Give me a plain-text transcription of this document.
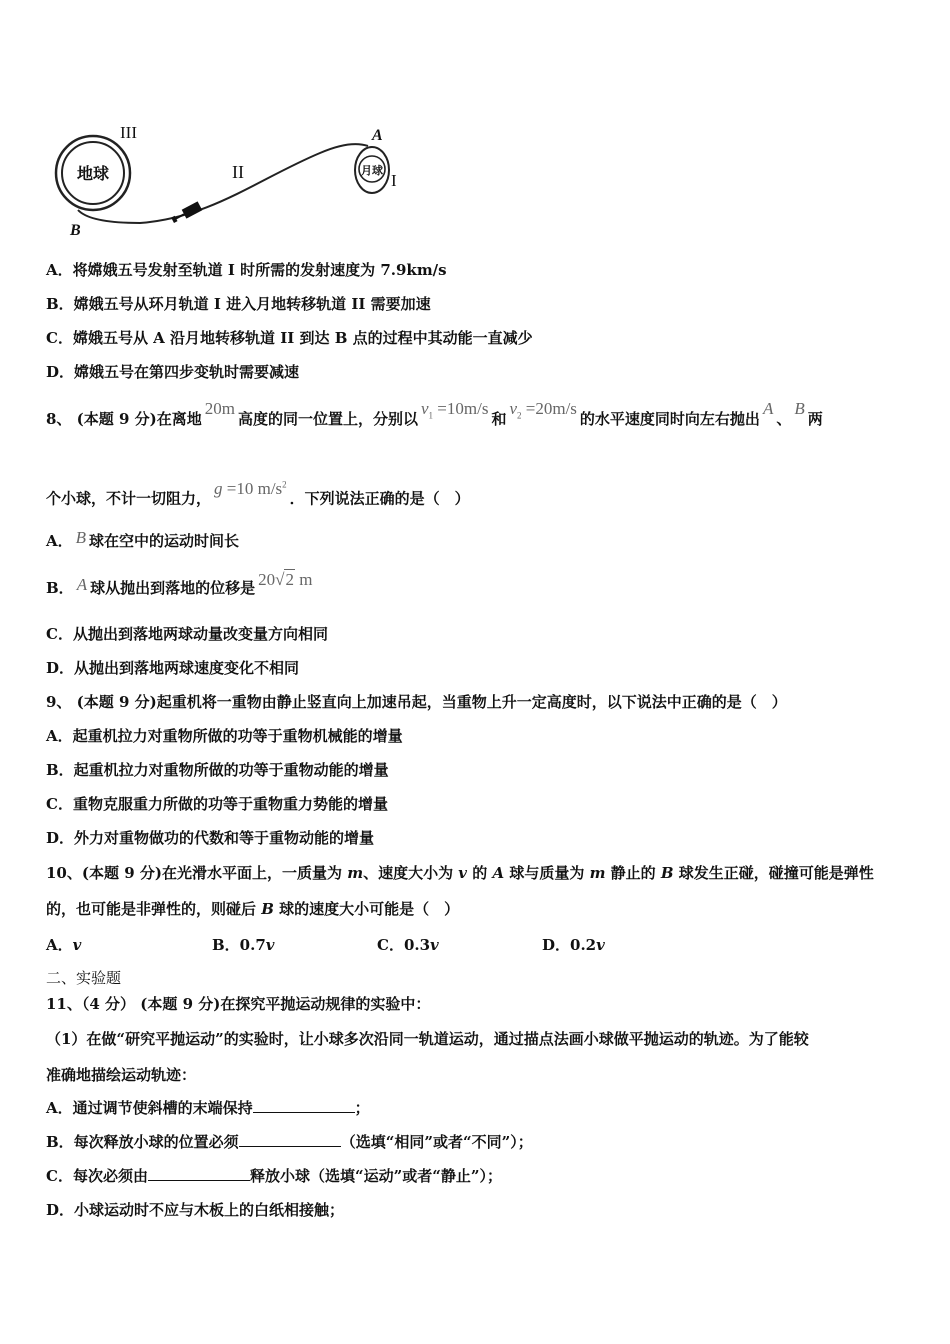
地球
III
II	月球
I
A
B
A．将嫦娥五号发射至轨道 I 时所需的发射速度为 7.9km/s
B．嫦娥五号从环月轨道 I 进入月地转移轨道 II 需要加速
C．嫦娥五号从 A 沿月地转移轨道 II 到达 B 点的过程中其动能一直减少
D．嫦娥五号在第四步变轨时需要减速
8、 (本题 9 分)在离地20m高度的同一位置上，分别以$v_1 =10m/s$和$v_2 =20m/s$的水平速度同时向左右抛出A、B两
个小球，不计一切阻力，g =10 $m/s^2$．下列说法正确的是（　）
A． B 球在空中的运动时间长
B． A 球从抛出到落地的位移是 20√2 m
C．从抛出到落地两球动量改变量方向相同
D．从抛出到落地两球速度变化不相同
9、 (本题 9 分)起重机将一重物由静止竖直向上加速吊起，当重物上升一定高度时，以下说法中正确的是（　）
A．起重机拉力对重物所做的功等于重物机械能的增量
B．起重机拉力对重物所做的功等于重物动能的增量
C．重物克服重力所做的功等于重物重力势能的增量
D．外力对重物做功的代数和等于重物动能的增量
10、(本题 9 分)在光滑水平面上，一质量为 m、速度大小为 v 的 A 球与质量为 m 静止的 B 球发生正碰，碰撞可能是弹性
的，也可能是非弹性的，则碰后 B 球的速度大小可能是（　）
A．v	B．0.7v	C．0.3v	D．0.2v
二、实验题
11、（4 分） (本题 9 分)在探究平抛运动规律的实验中：
（1）在做“研究平抛运动”的实验时，让小球多次沿同一轨道运动，通过描点法画小球做平抛运动的轨迹。为了能较
准确地描绘运动轨迹：
A．通过调节使斜槽的末端保持	；
B．每次释放小球的位置必须	（选填“相同”或者“不同”）；
C．每次必须由	释放小球（选填“运动”或者“静止”）；
D．小球运动时不应与木板上的白纸相接触；
